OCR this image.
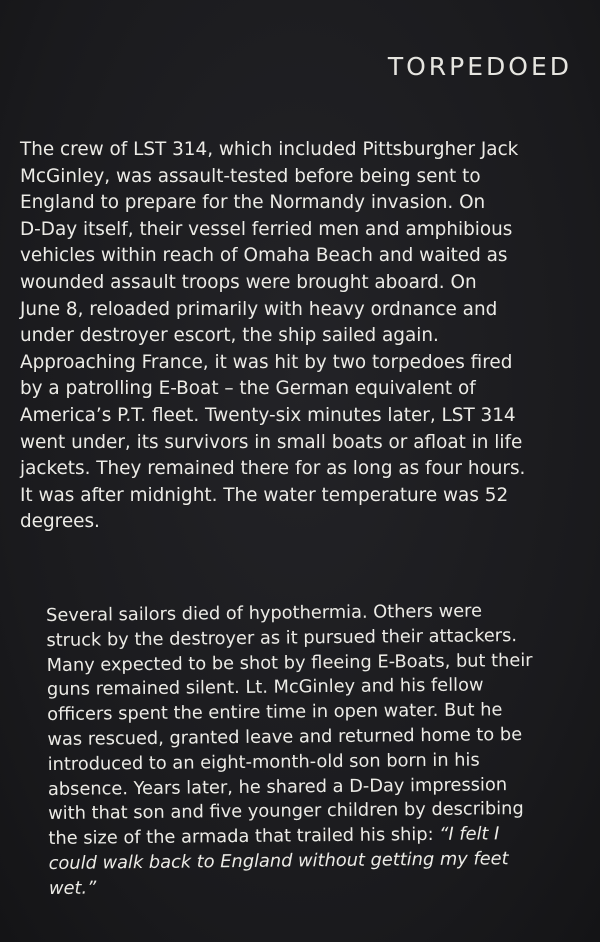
TORPEDOED
The crew of LST 314, which included Pittsburgher Jack
McGinley, was assault-tested before being sent to
England to prepare for the Normandy invasion. On
D-Day itself, their vessel ferried men and amphibious
vehicles within reach of Omaha Beach and waited as
wounded assault troops were brought aboard. On
June 8, reloaded primarily with heavy ordnance and
under destroyer escort, the ship sailed again.
Approaching France, it was hit by two torpedoes fired
by a patrolling E-Boat – the German equivalent of
America’s P.T. fleet. Twenty-six minutes later, LST 314
went under, its survivors in small boats or afloat in life
jackets. They remained there for as long as four hours.
It was after midnight. The water temperature was 52
degrees.
Several sailors died of hypothermia. Others were
struck by the destroyer as it pursued their attackers.
Many expected to be shot by fleeing E-Boats, but their
guns remained silent. Lt. McGinley and his fellow
officers spent the entire time in open water. But he
was rescued, granted leave and returned home to be
introduced to an eight-month-old son born in his
absence. Years later, he shared a D-Day impression
with that son and five younger children by describing
the size of the armada that trailed his ship: “I felt I
could walk back to England without getting my feet
wet.”
